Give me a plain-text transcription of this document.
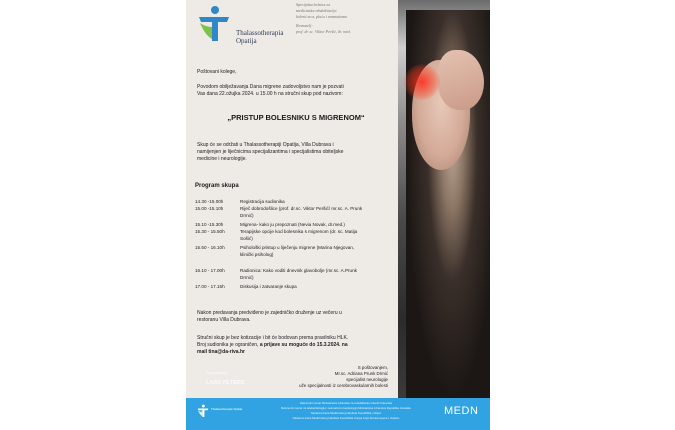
Thalassotherapia
Opatija
Specijalna bolnica za
medicinsku rehabilitaciju
bolesti srca, pluća i reumatizma
Ravnatelj:
prof. dr. sc. Viktor Peršić, dr. med.
Poštovani kolege,
Povodom obilježavanja Dana migrene zadovoljstvo nam je pozvati
Vas dana 22.ožujka 2024. u 15.00 h na stručni skup pod nazivom:
„PRISTUP BOLESNIKU S MIGRENOM“
Skup će se održati u Thalassotherapiji Opatija, Villa Dubrava i
namijenjen je liječnicima specijalizantima i specijalistima obiteljske
medicine i neurologije.
Program skupa
14.30 -15.00h	Registracija sudionika
15.00 -15.10h	Riječ dobrodošlice (prof. dr.sc. Viktor Peršić/ mr.sc. A. Prunk
Drmić)
15.10 -15.30h	Migrena- kako ju prepoznati (Nevia Novak, dr.med.)
15.30 - 15.50h	Terapijske opcije kod bolesnika s migrenom (dr. sc. Matija
Sošić)
15.50 - 16.10h	Psihološki pristup u liječenju migrene (Marina Njegovan,
klinički psiholog)
16.10 - 17.00h	Radionica: Kako voditi dnevnik glavobolje (mr.sc. A.Prunk
Drmić)
17.00 - 17.15h	Diskusija i zatvaranje skupa
Nakon predavanja predviđeno je zajedničko druženje uz večeru u
restoranu Villa Dubrava.
Stručni skup je bez kotizacije i bit će bodovan prema pravilniku HLK.
Broj sudionika je ograničen, a prijave su moguće do 15.3.2024. na
mail tina@da-riva.hr
Pokrovitelj
LABS PETERS
S poštovanjem,
Mr.sc. Adriana Prunk Drmić
specijalist neurologije
uže specijalnosti iz cerebrovaskularnih bolesti
Referentni centar Ministarstva zdravstva za rehabilitaciju srčanih bolesnika
Referentni centar za telekardiologiju i neinvazivnu kardiologiju Ministarstva zdravstva Republike Hrvatske
Nastavna baza Medicinskog fakulteta Sveučilišta u Rijeci
Nastavna baza Medicinskog fakulteta Sveučilišta Josipa Jurja Strossmayera u Osijeku
Thalassotherapia Opatija	MEDN
